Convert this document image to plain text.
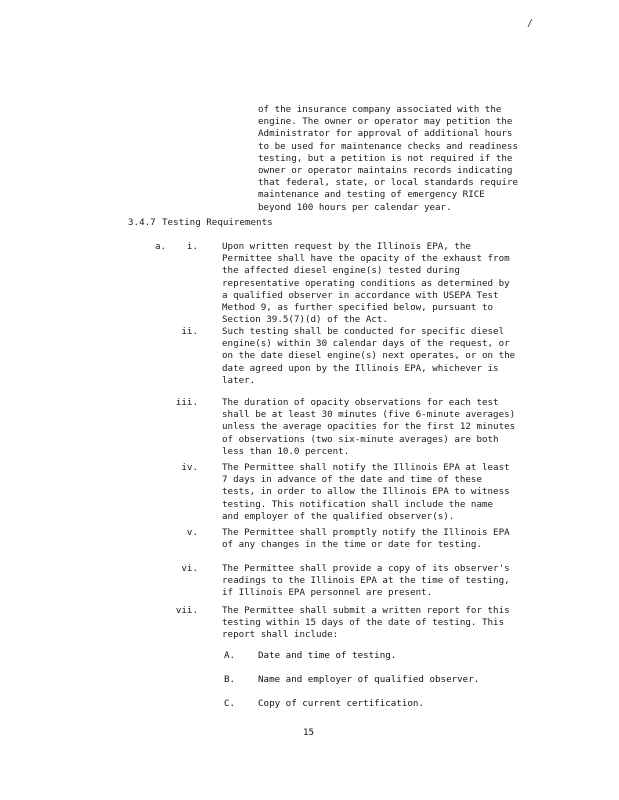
/
of the insurance company associated with the
engine. The owner or operator may petition the
Administrator for approval of additional hours
to be used for maintenance checks and readiness
testing, but a petition is not required if the
owner or operator maintains records indicating
that federal, state, or local standards require
maintenance and testing of emergency RICE
beyond 100 hours per calendar year.
3.4.7 Testing Requirements
a.	i.	Upon written request by the Illinois EPA, the
Permittee shall have the opacity of the exhaust from
the affected diesel engine(s) tested during
representative operating conditions as determined by
a qualified observer in accordance with USEPA Test
Method 9, as further specified below, pursuant to
Section 39.5(7)(d) of the Act.
ii.	Such testing shall be conducted for specific diesel
engine(s) within 30 calendar days of the request, or
on the date diesel engine(s) next operates, or on the
date agreed upon by the Illinois EPA, whichever is
later.
iii.	The duration of opacity observations for each test
shall be at least 30 minutes (five 6-minute averages)
unless the average opacities for the first 12 minutes
of observations (two six-minute averages) are both
less than 10.0 percent.
iv.	The Permittee shall notify the Illinois EPA at least
7 days in advance of the date and time of these
tests, in order to allow the Illinois EPA to witness
testing. This notification shall include the name
and employer of the qualified observer(s).
v.	The Permittee shall promptly notify the Illinois EPA
of any changes in the time or date for testing.
vi.	The Permittee shall provide a copy of its observer's
readings to the Illinois EPA at the time of testing,
if Illinois EPA personnel are present.
vii.	The Permittee shall submit a written report for this
testing within 15 days of the date of testing. This
report shall include:
A. Date and time of testing.
B. Name and employer of qualified observer.
C. Copy of current certification.
15
